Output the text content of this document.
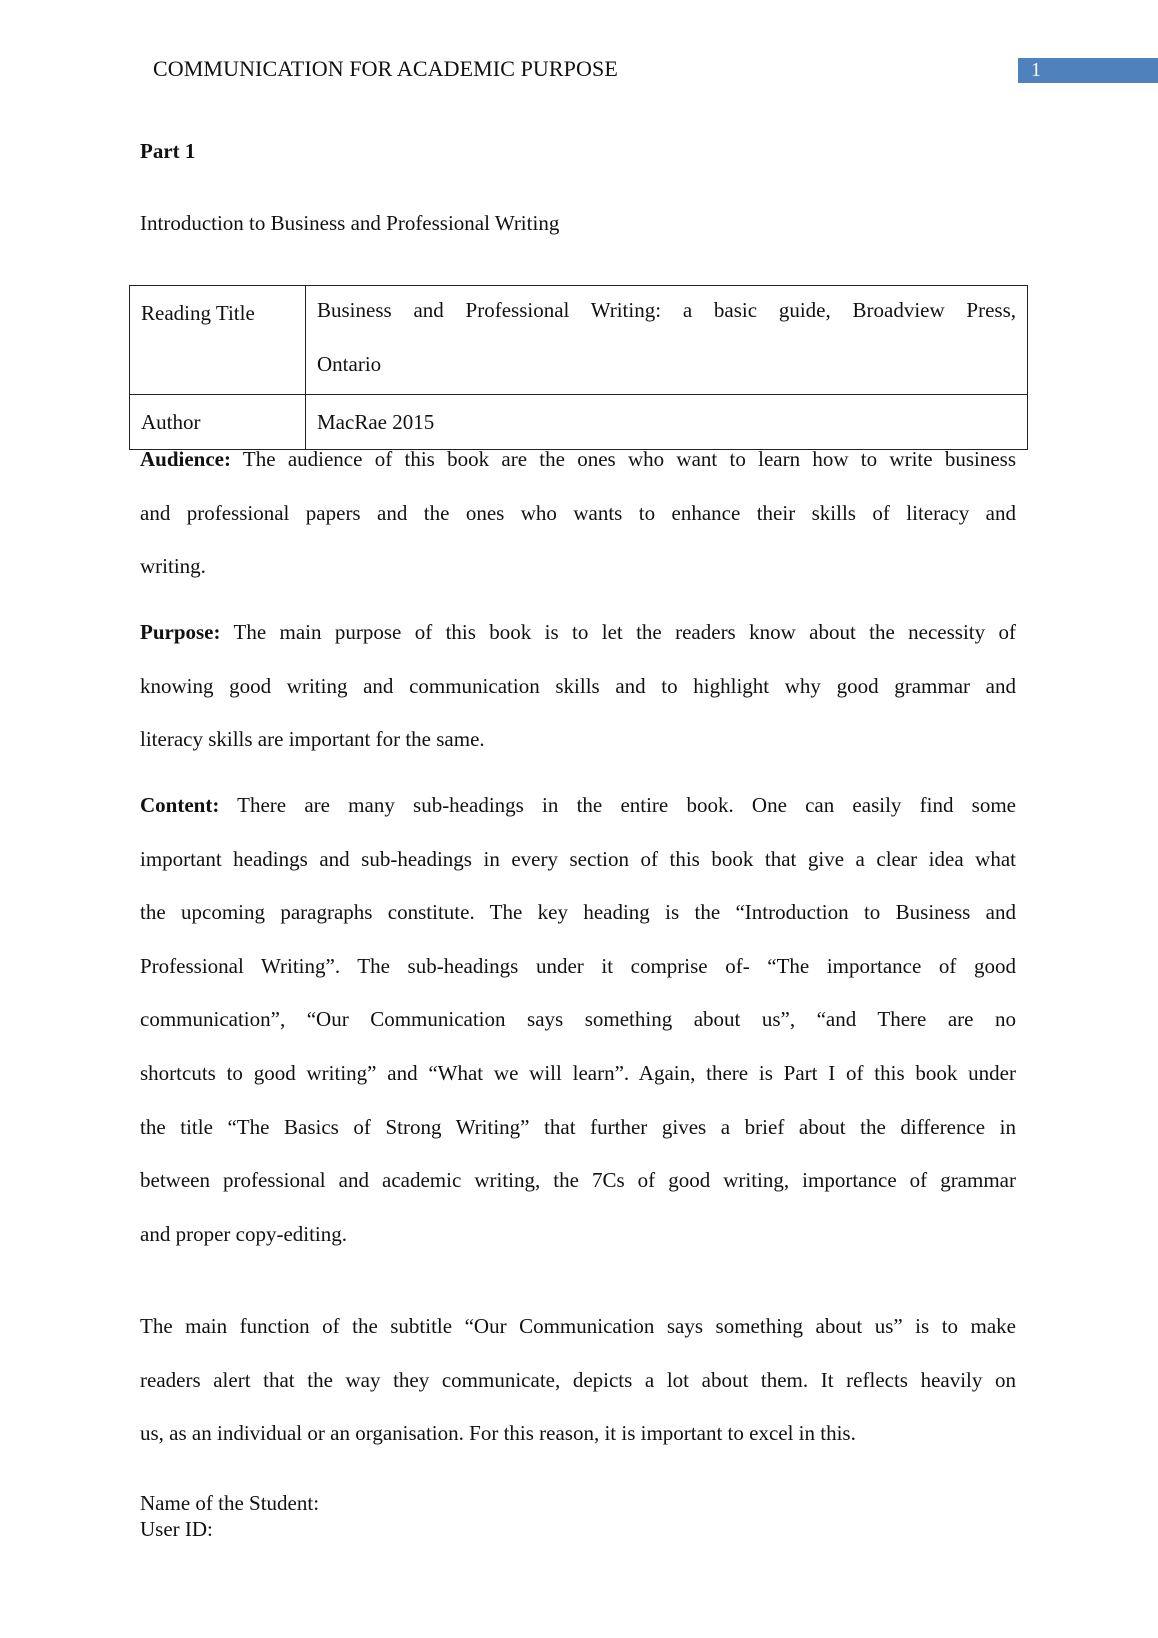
COMMUNICATION FOR ACADEMIC PURPOSE	1
Part 1
Introduction to Business and Professional Writing
Reading Title	Business and Professional Writing: a basic guide, Broadview Press,
Ontario

Author	MacRae 2015
Audience: The audience of this book are the ones who want to learn how to write business
and professional papers and the ones who wants to enhance their skills of literacy and
writing.
Purpose: The main purpose of this book is to let the readers know about the necessity of
knowing good writing and communication skills and to highlight why good grammar and
literacy skills are important for the same.
Content: There are many sub-headings in the entire book. One can easily find some
important headings and sub-headings in every section of this book that give a clear idea what
the upcoming paragraphs constitute. The key heading is the “Introduction to Business and
Professional Writing”. The sub-headings under it comprise of- “The importance of good
communication”, “Our Communication says something about us”, “and There are no
shortcuts to good writing” and “What we will learn”. Again, there is Part I of this book under
the title “The Basics of Strong Writing” that further gives a brief about the difference in
between professional and academic writing, the 7Cs of good writing, importance of grammar
and proper copy-editing.
The main function of the subtitle “Our Communication says something about us” is to make
readers alert that the way they communicate, depicts a lot about them. It reflects heavily on
us, as an individual or an organisation. For this reason, it is important to excel in this.
Name of the Student:
User ID:
